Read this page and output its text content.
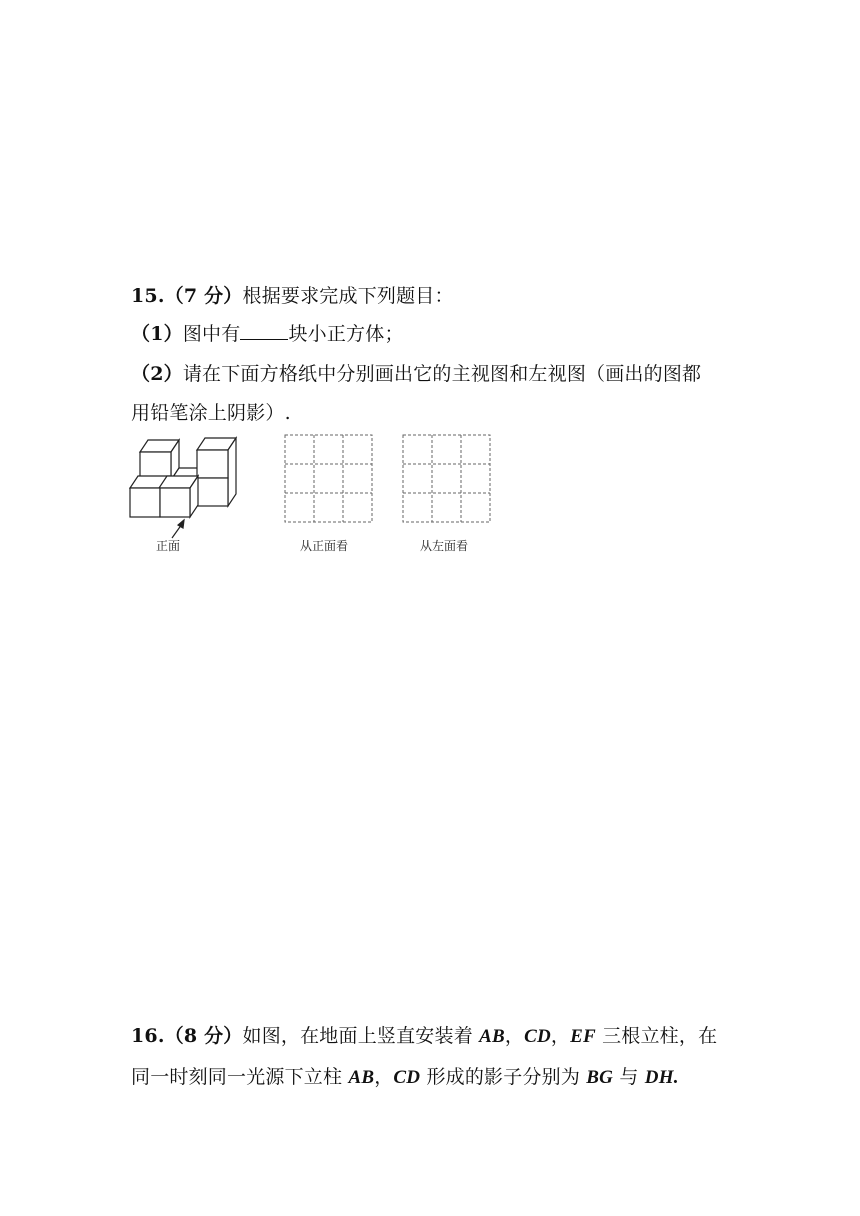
15.（7 分）根据要求完成下列题目：
（1）图中有	块小正方体；
（2）请在下面方格纸中分别画出它的主视图和左视图（画出的图都
用铅笔涂上阴影）.
正面	从正面看	从左面看
16.（8 分）如图，在地面上竖直安装着 AB，CD，EF 三根立柱，在
同一时刻同一光源下立柱 AB，CD 形成的影子分别为 BG 与 DH.
